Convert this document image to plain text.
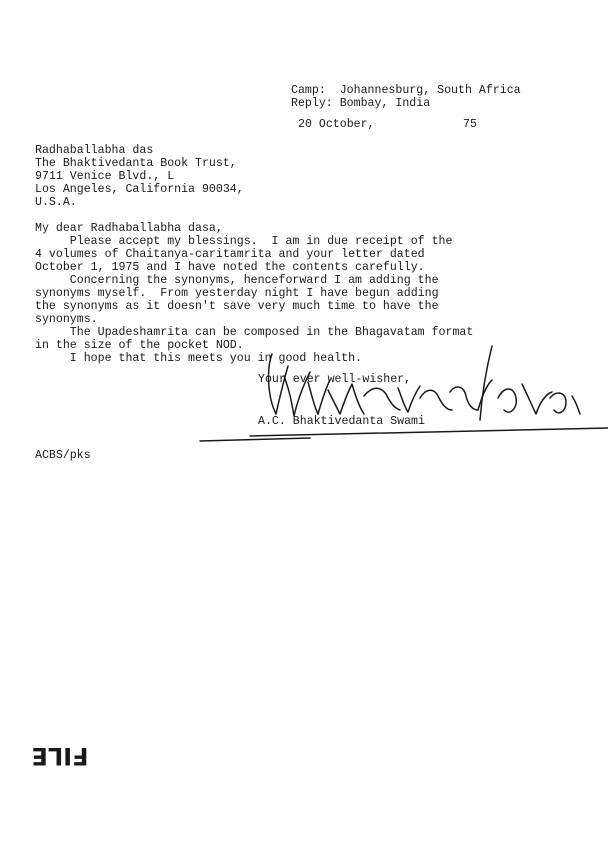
Camp: Johannesburg, South Africa
Reply: Bombay, India
20 October,	75
Radhaballabha das
The Bhaktivedanta Book Trust,
9711 Venice Blvd., L
Los Angeles, California 90034,
U.S.A.
My dear Radhaballabha dasa,
Please accept my blessings.  I am in due receipt of the
4 volumes of Chaitanya-caritamrita and your letter dated
October 1, 1975 and I have noted the contents carefully.
Concerning the synonyms, henceforward I am adding the
synonyms myself.  From yesterday night I have begun adding
the synonyms as it doesn't save very much time to have the
synonyms.
The Upadeshamrita can be composed in the Bhagavatam format
in the size of the pocket NOD.
I hope that this meets you in good health.
Your ever well-wisher,
A.C. Bhaktivedanta Swami
ACBS/pks
FILE
